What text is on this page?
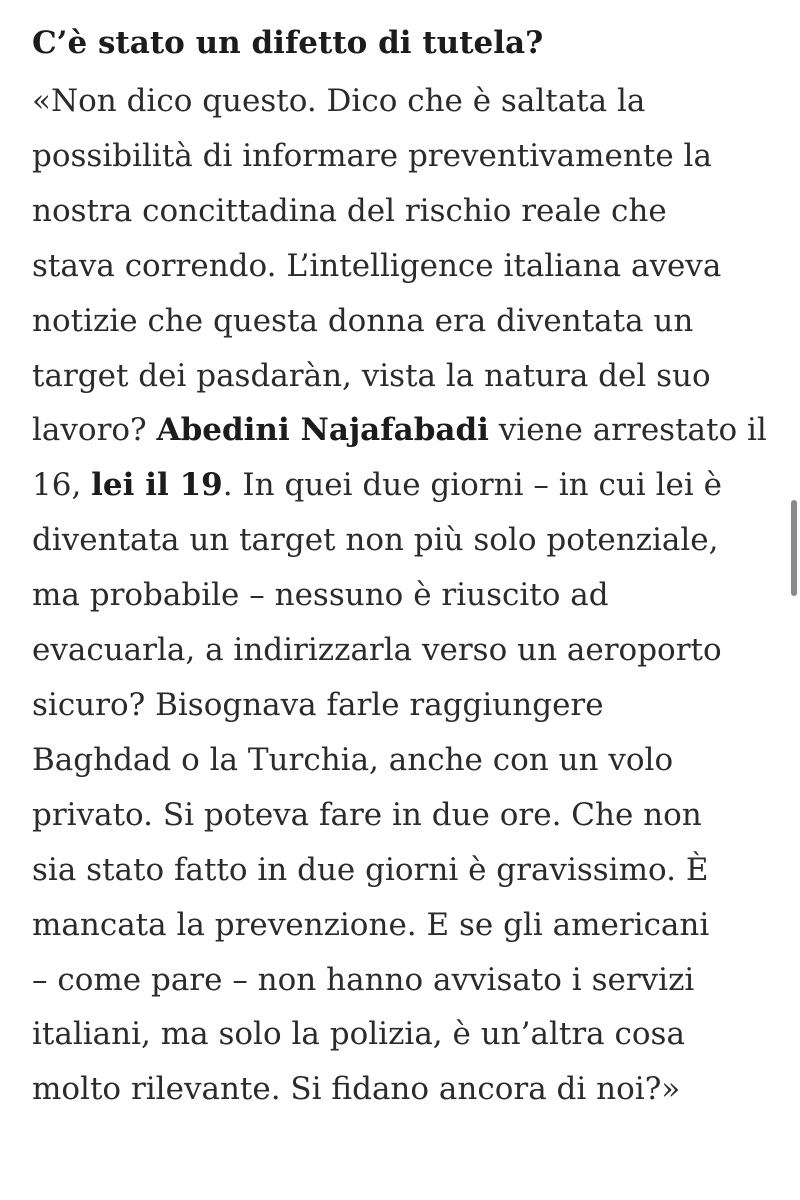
C’è stato un difetto di tutela?

«Non dico questo. Dico che è saltata la
possibilità di informare preventivamente la
nostra concittadina del rischio reale che
stava correndo. L’intelligence italiana aveva
notizie che questa donna era diventata un
target dei pasdaràn, vista la natura del suo
lavoro? Abedini Najafabadi viene arrestato il
16, lei il 19. In quei due giorni – in cui lei è
diventata un target non più solo potenziale,
ma probabile – nessuno è riuscito ad
evacuarla, a indirizzarla verso un aeroporto
sicuro? Bisognava farle raggiungere
Baghdad o la Turchia, anche con un volo
privato. Si poteva fare in due ore. Che non
sia stato fatto in due giorni è gravissimo. È
mancata la prevenzione. E se gli americani
– come pare – non hanno avvisato i servizi
italiani, ma solo la polizia, è un’altra cosa
molto rilevante. Si fidano ancora di noi?»
